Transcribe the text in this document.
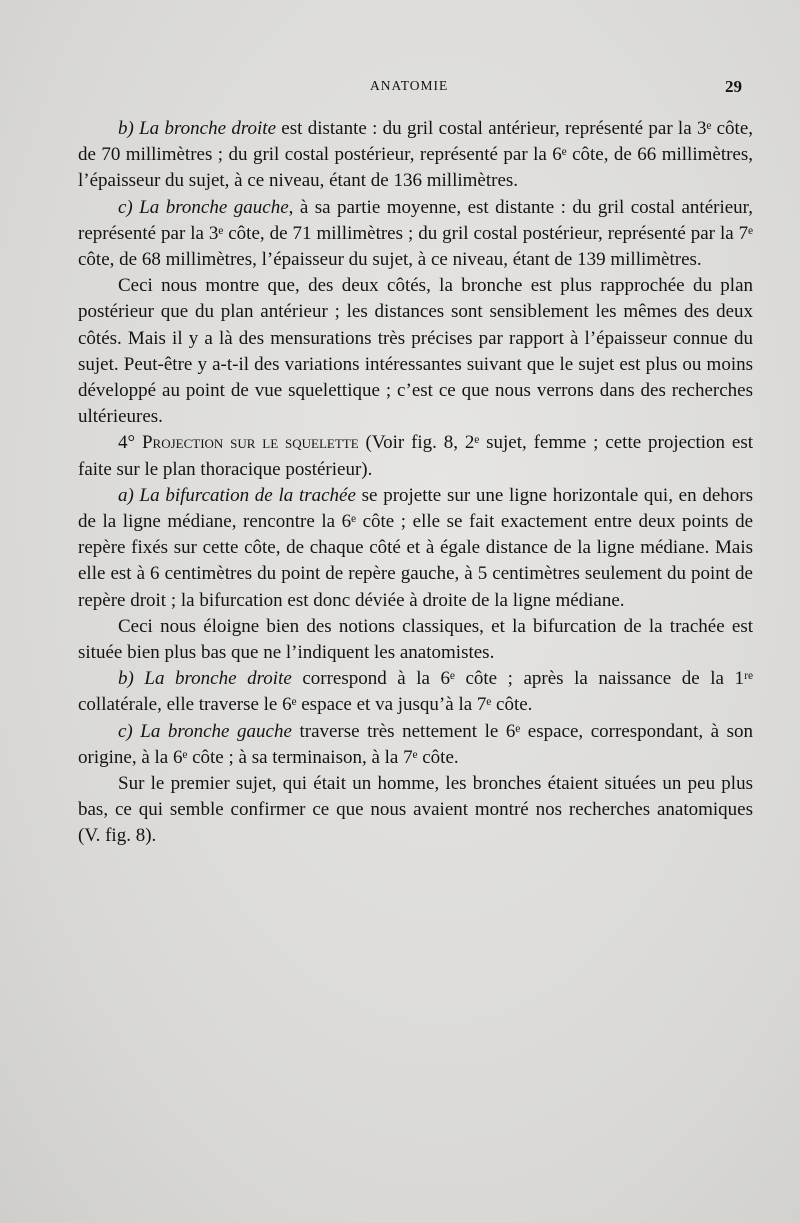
ANATOMIE	29

b) La bronche droite est distante : du gril costal antérieur, représenté par la 3ᵉ côte, de 70 millimètres ; du gril costal postérieur, représenté par la 6ᵉ côte, de 66 millimètres, l’épaisseur du sujet, à ce niveau, étant de 136 millimètres.

c) La bronche gauche, à sa partie moyenne, est distante : du gril costal antérieur, représenté par la 3ᵉ côte, de 71 millimètres ; du gril costal postérieur, représenté par la 7ᵉ côte, de 68 millimètres, l’épaisseur du sujet, à ce niveau, étant de 139 millimètres.

Ceci nous montre que, des deux côtés, la bronche est plus rapprochée du plan postérieur que du plan antérieur ; les distances sont sensiblement les mêmes des deux côtés. Mais il y a là des mensurations très précises par rapport à l’épaisseur connue du sujet. Peut-être y a-t-il des variations intéressantes suivant que le sujet est plus ou moins développé au point de vue squelettique ; c’est ce que nous verrons dans des recherches ultérieures.

4° Projection sur le squelette (Voir fig. 8, 2ᵉ sujet, femme ; cette projection est faite sur le plan thoracique postérieur).

a) La bifurcation de la trachée se projette sur une ligne horizontale qui, en dehors de la ligne médiane, rencontre la 6ᵉ côte ; elle se fait exactement entre deux points de repère fixés sur cette côte, de chaque côté et à égale distance de la ligne médiane. Mais elle est à 6 centimètres du point de repère gauche, à 5 centimètres seulement du point de repère droit ; la bifurcation est donc déviée à droite de la ligne médiane.

Ceci nous éloigne bien des notions classiques, et la bifurcation de la trachée est située bien plus bas que ne l’indiquent les anatomistes.

b) La bronche droite correspond à la 6ᵉ côte ; après la naissance de la 1ʳᵉ collatérale, elle traverse le 6ᵉ espace et va jusqu’à la 7ᵉ côte.

c) La bronche gauche traverse très nettement le 6ᵉ espace, correspondant, à son origine, à la 6ᵉ côte ; à sa terminaison, à la 7ᵉ côte.

Sur le premier sujet, qui était un homme, les bronches étaient situées un peu plus bas, ce qui semble confirmer ce que nous avaient montré nos recherches anatomiques (V. fig. 8).
